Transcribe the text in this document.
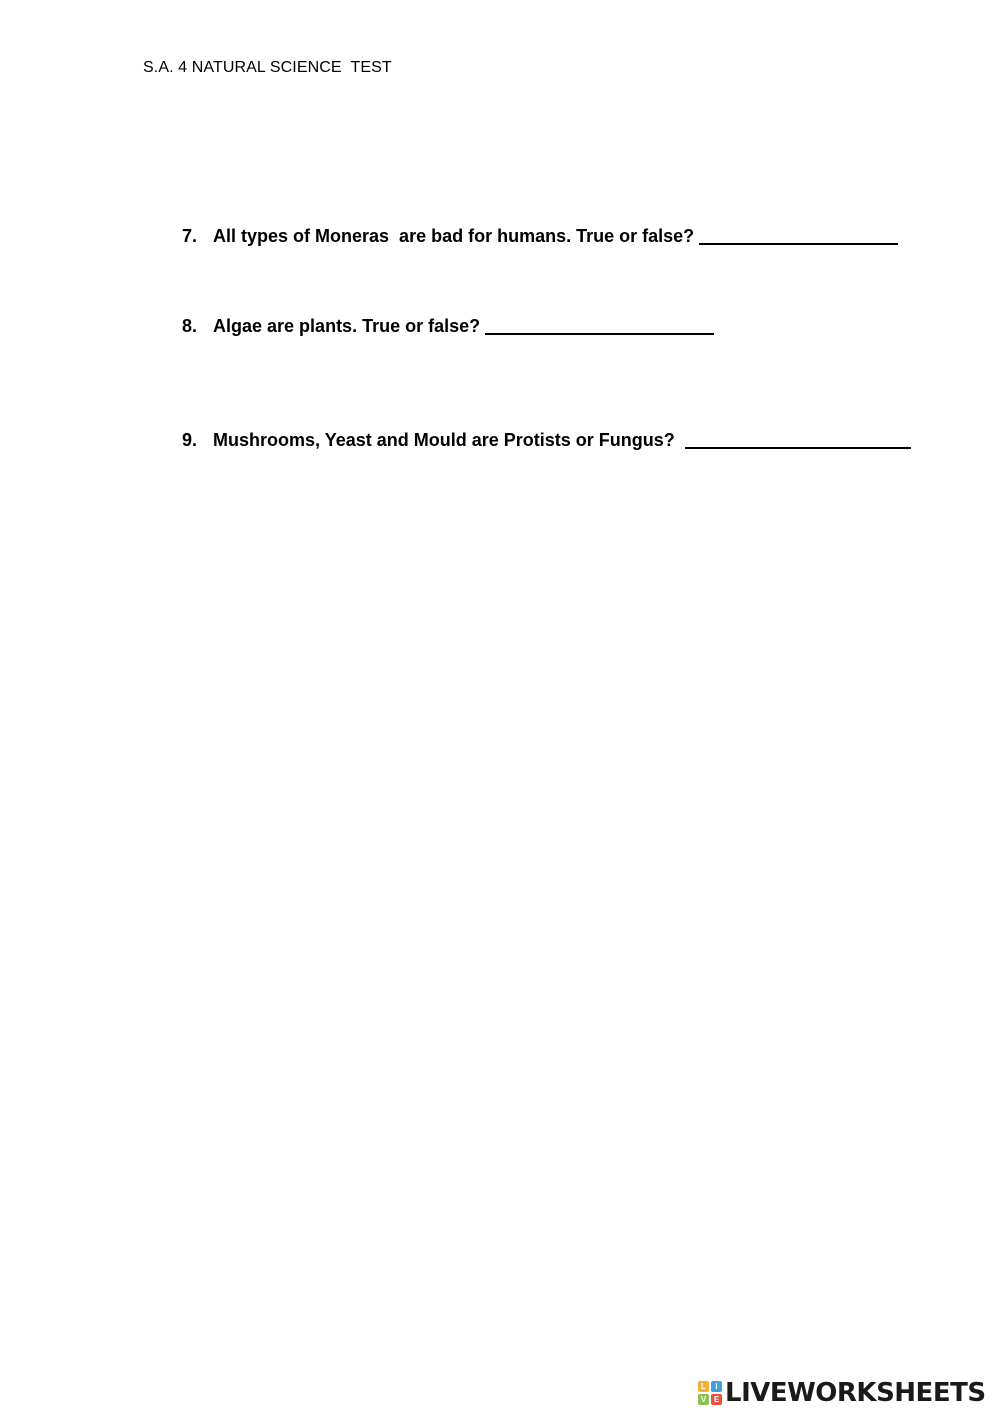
S.A. 4 NATURAL SCIENCE  TEST

7. All types of Moneras  are bad for humans. True or false?

8. Algae are plants. True or false?

9. Mushrooms, Yeast and Mould are Protists or Fungus?

L	I
V E LIVEWORKSHEETS
